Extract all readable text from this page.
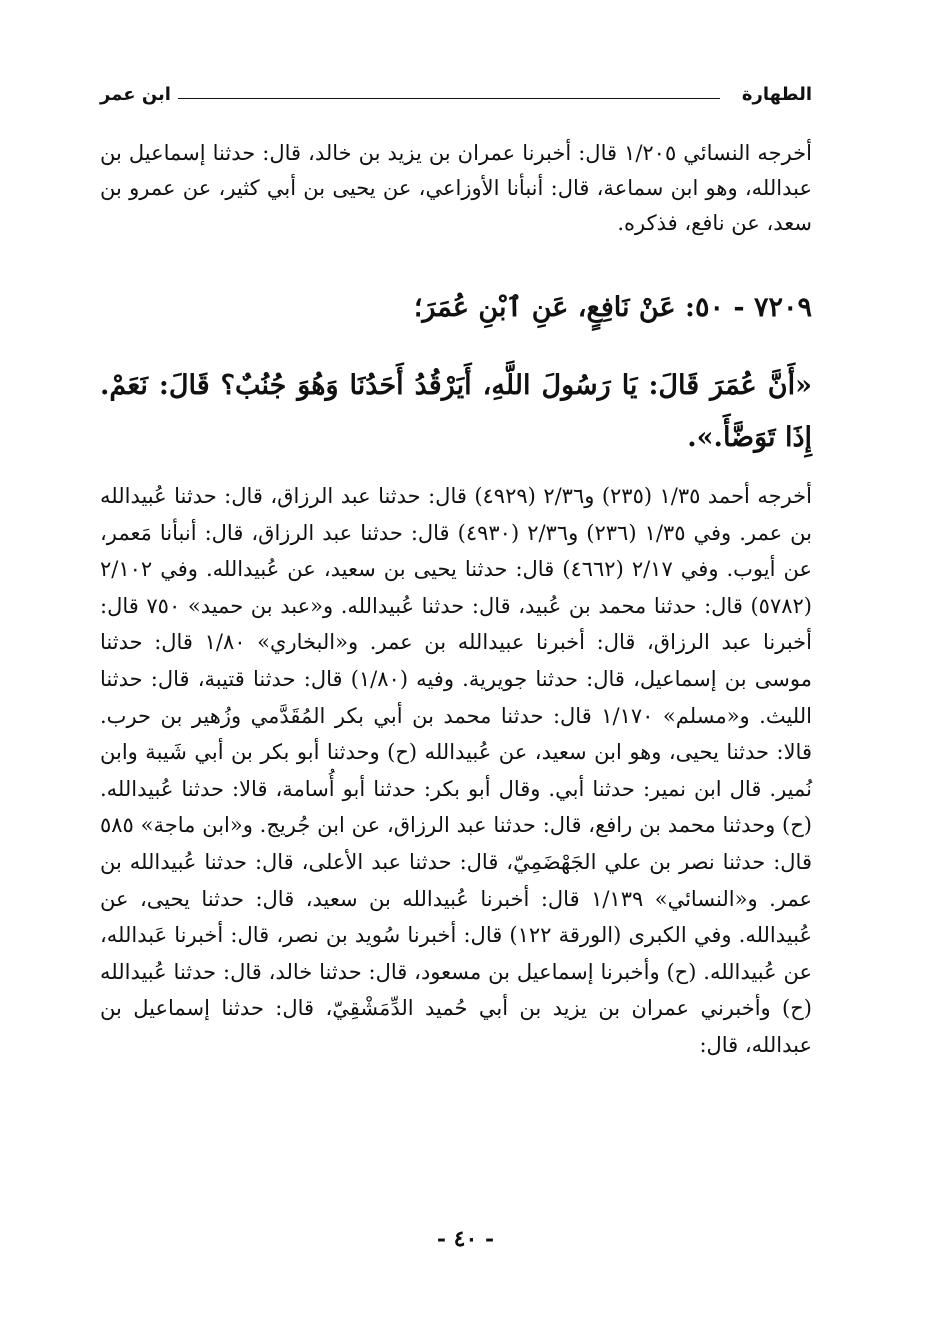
الطهارة
ابن عمر

أخرجه النسائي ١/٢٠٥ قال: أخبرنا عمران بن يزيد بن خالد، قال: حدثنا إسماعيل بن عبدالله، وهو ابن سماعة، قال: أنبأنا الأوزاعي، عن يحيى بن أبي كثير، عن عمرو بن سعد، عن نافع، فذكره.

٧٢٠٩ - ٥٠: عَنْ نَافِعٍ، عَنِ ٱبْنِ عُمَرَ؛

«أَنَّ عُمَرَ قَالَ: يَا رَسُولَ اللَّهِ، أَيَرْقُدُ أَحَدُنَا وَهُوَ جُنُبٌ؟ قَالَ: نَعَمْ. إِذَا تَوَضَّأَ.».

أخرجه أحمد ١/٣٥ (٢٣٥) و٢/٣٦ (٤٩٢٩) قال: حدثنا عبد الرزاق، قال: حدثنا عُبيدالله بن عمر. وفي ١/٣٥ (٢٣٦) و٢/٣٦ (٤٩٣٠) قال: حدثنا عبد الرزاق، قال: أنبأنا مَعمر، عن أيوب. وفي ٢/١٧ (٤٦٦٢) قال: حدثنا يحيى بن سعيد، عن عُبيدالله. وفي ٢/١٠٢ (٥٧٨٢) قال: حدثنا محمد بن عُبيد، قال: حدثنا عُبيدالله. و«عبد بن حميد» ٧٥٠ قال: أخبرنا عبد الرزاق، قال: أخبرنا عبيدالله بن عمر. و«البخاري» ١/٨٠ قال: حدثنا موسى بن إسماعيل، قال: حدثنا جويرية. وفيه (١/٨٠) قال: حدثنا قتيبة، قال: حدثنا الليث. و«مسلم» ١/١٧٠ قال: حدثنا محمد بن أبي بكر المُقَدَّمي وزُهير بن حرب. قالا: حدثنا يحيى، وهو ابن سعيد، عن عُبيدالله (ح) وحدثنا أبو بكر بن أبي شَيبة وابن نُمير. قال ابن نمير: حدثنا أبي. وقال أبو بكر: حدثنا أبو أُسامة، قالا: حدثنا عُبيدالله. (ح) وحدثنا محمد بن رافع، قال: حدثنا عبد الرزاق، عن ابن جُريج. و«ابن ماجة» ٥٨٥ قال: حدثنا نصر بن علي الجَهْضَمِيّ، قال: حدثنا عبد الأعلى، قال: حدثنا عُبيدالله بن عمر. و«النسائي» ١/١٣٩ قال: أخبرنا عُبيدالله بن سعيد، قال: حدثنا يحيى، عن عُبيدالله. وفي الكبرى (الورقة ١٢٢) قال: أخبرنا سُويد بن نصر، قال: أخبرنا عَبدالله، عن عُبيدالله. (ح) وأخبرنا إسماعيل بن مسعود، قال: حدثنا خالد، قال: حدثنا عُبيدالله (ح) وأخبرني عمران بن يزيد بن أبي حُميد الدِّمَشْقِيّ، قال: حدثنا إسماعيل بن عبدالله، قال:

- ٤٠ -
